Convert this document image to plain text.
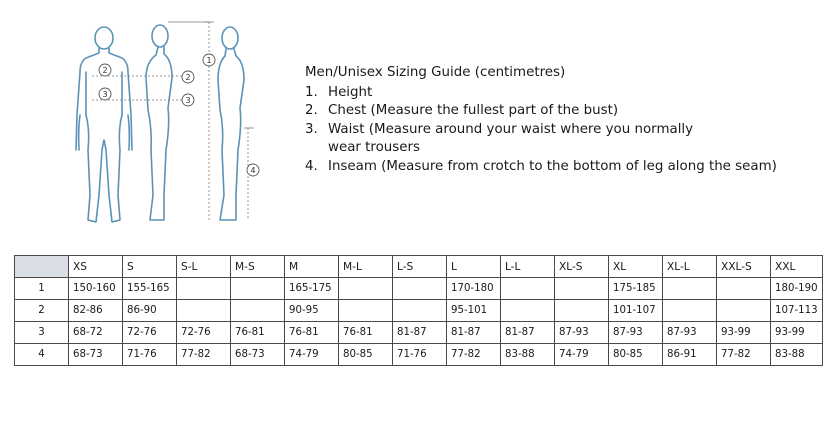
2
3
2
3
1
4
Men/Unisex Sizing Guide (centimetres)
1. Height
2. Chest (Measure the fullest part of the bust)
3. Waist (Measure around your waist where you normally wear trousers
4. Inseam (Measure from crotch to the bottom of leg along the seam)
	XS	S	S-L	M-S	M	M-L	L-S	L	L-L	XL-S	XL	XL-L	XXL-S	XXL
1	150-160	155-165			165-175			170-180			175-185			180-190
2	82-86	86-90			90-95			95-101			101-107			107-113
3	68-72	72-76	72-76	76-81	76-81	76-81	81-87	81-87	81-87	87-93	87-93	87-93	93-99	93-99
4	68-73	71-76	77-82	68-73	74-79	80-85	71-76	77-82	83-88	74-79	80-85	86-91	77-82	83-88
